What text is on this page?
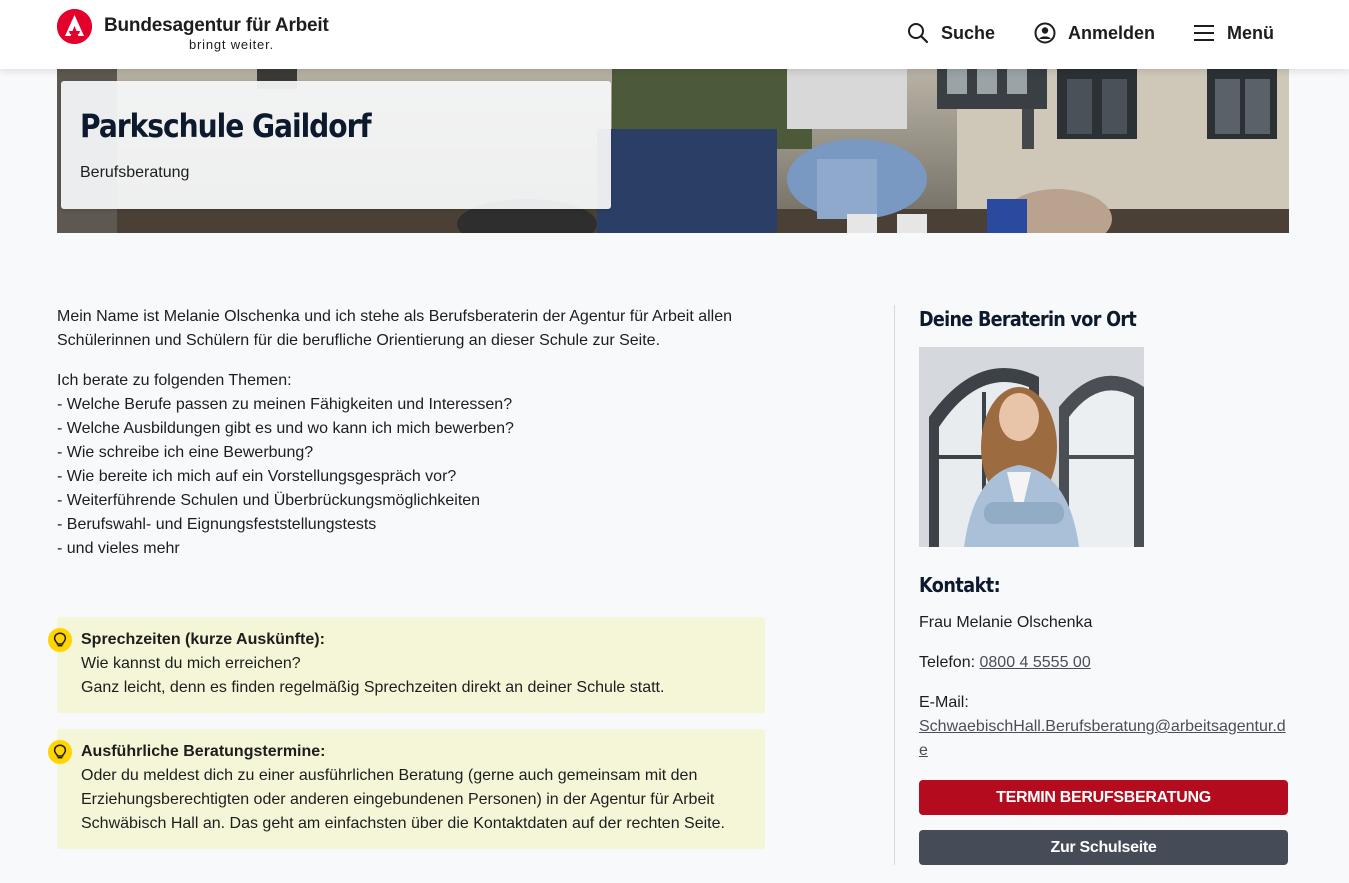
Bundesagentur für Arbeit
bringt weiter.
Suche	Anmelden	Menü
Parkschule Gaildorf
Berufsberatung

Mein Name ist Melanie Olschenka und ich stehe als Berufsberaterin der Agentur für Arbeit allen Schülerinnen und Schülern für die berufliche Orientierung an dieser Schule zur Seite.

Ich berate zu folgenden Themen:
- Welche Berufe passen zu meinen Fähigkeiten und Interessen?
- Welche Ausbildungen gibt es und wo kann ich mich bewerben?
- Wie schreibe ich eine Bewerbung?
- Wie bereite ich mich auf ein Vorstellungsgespräch vor?
- Weiterführende Schulen und Überbrückungsmöglichkeiten
- Berufswahl- und Eignungsfeststellungstests
- und vieles mehr
Sprechzeiten (kurze Auskünfte):
Wie kannst du mich erreichen?
Ganz leicht, denn es finden regelmäßig Sprechzeiten direkt an deiner Schule statt.
Ausführliche Beratungstermine:
Oder du meldest dich zu einer ausführlichen Beratung (gerne auch gemeinsam mit den Erziehungsberechtigten oder anderen eingebundenen Personen) in der Agentur für Arbeit Schwäbisch Hall an. Das geht am einfachsten über die Kontaktdaten auf der rechten Seite.
Deine Beraterin vor Ort
Kontakt:
Frau Melanie Olschenka
Telefon: 0800 4 5555 00
E-Mail:
SchwaebischHall.Berufsberatung@arbeitsagentur.de
TERMIN BERUFSBERATUNG
Zur Schulseite
